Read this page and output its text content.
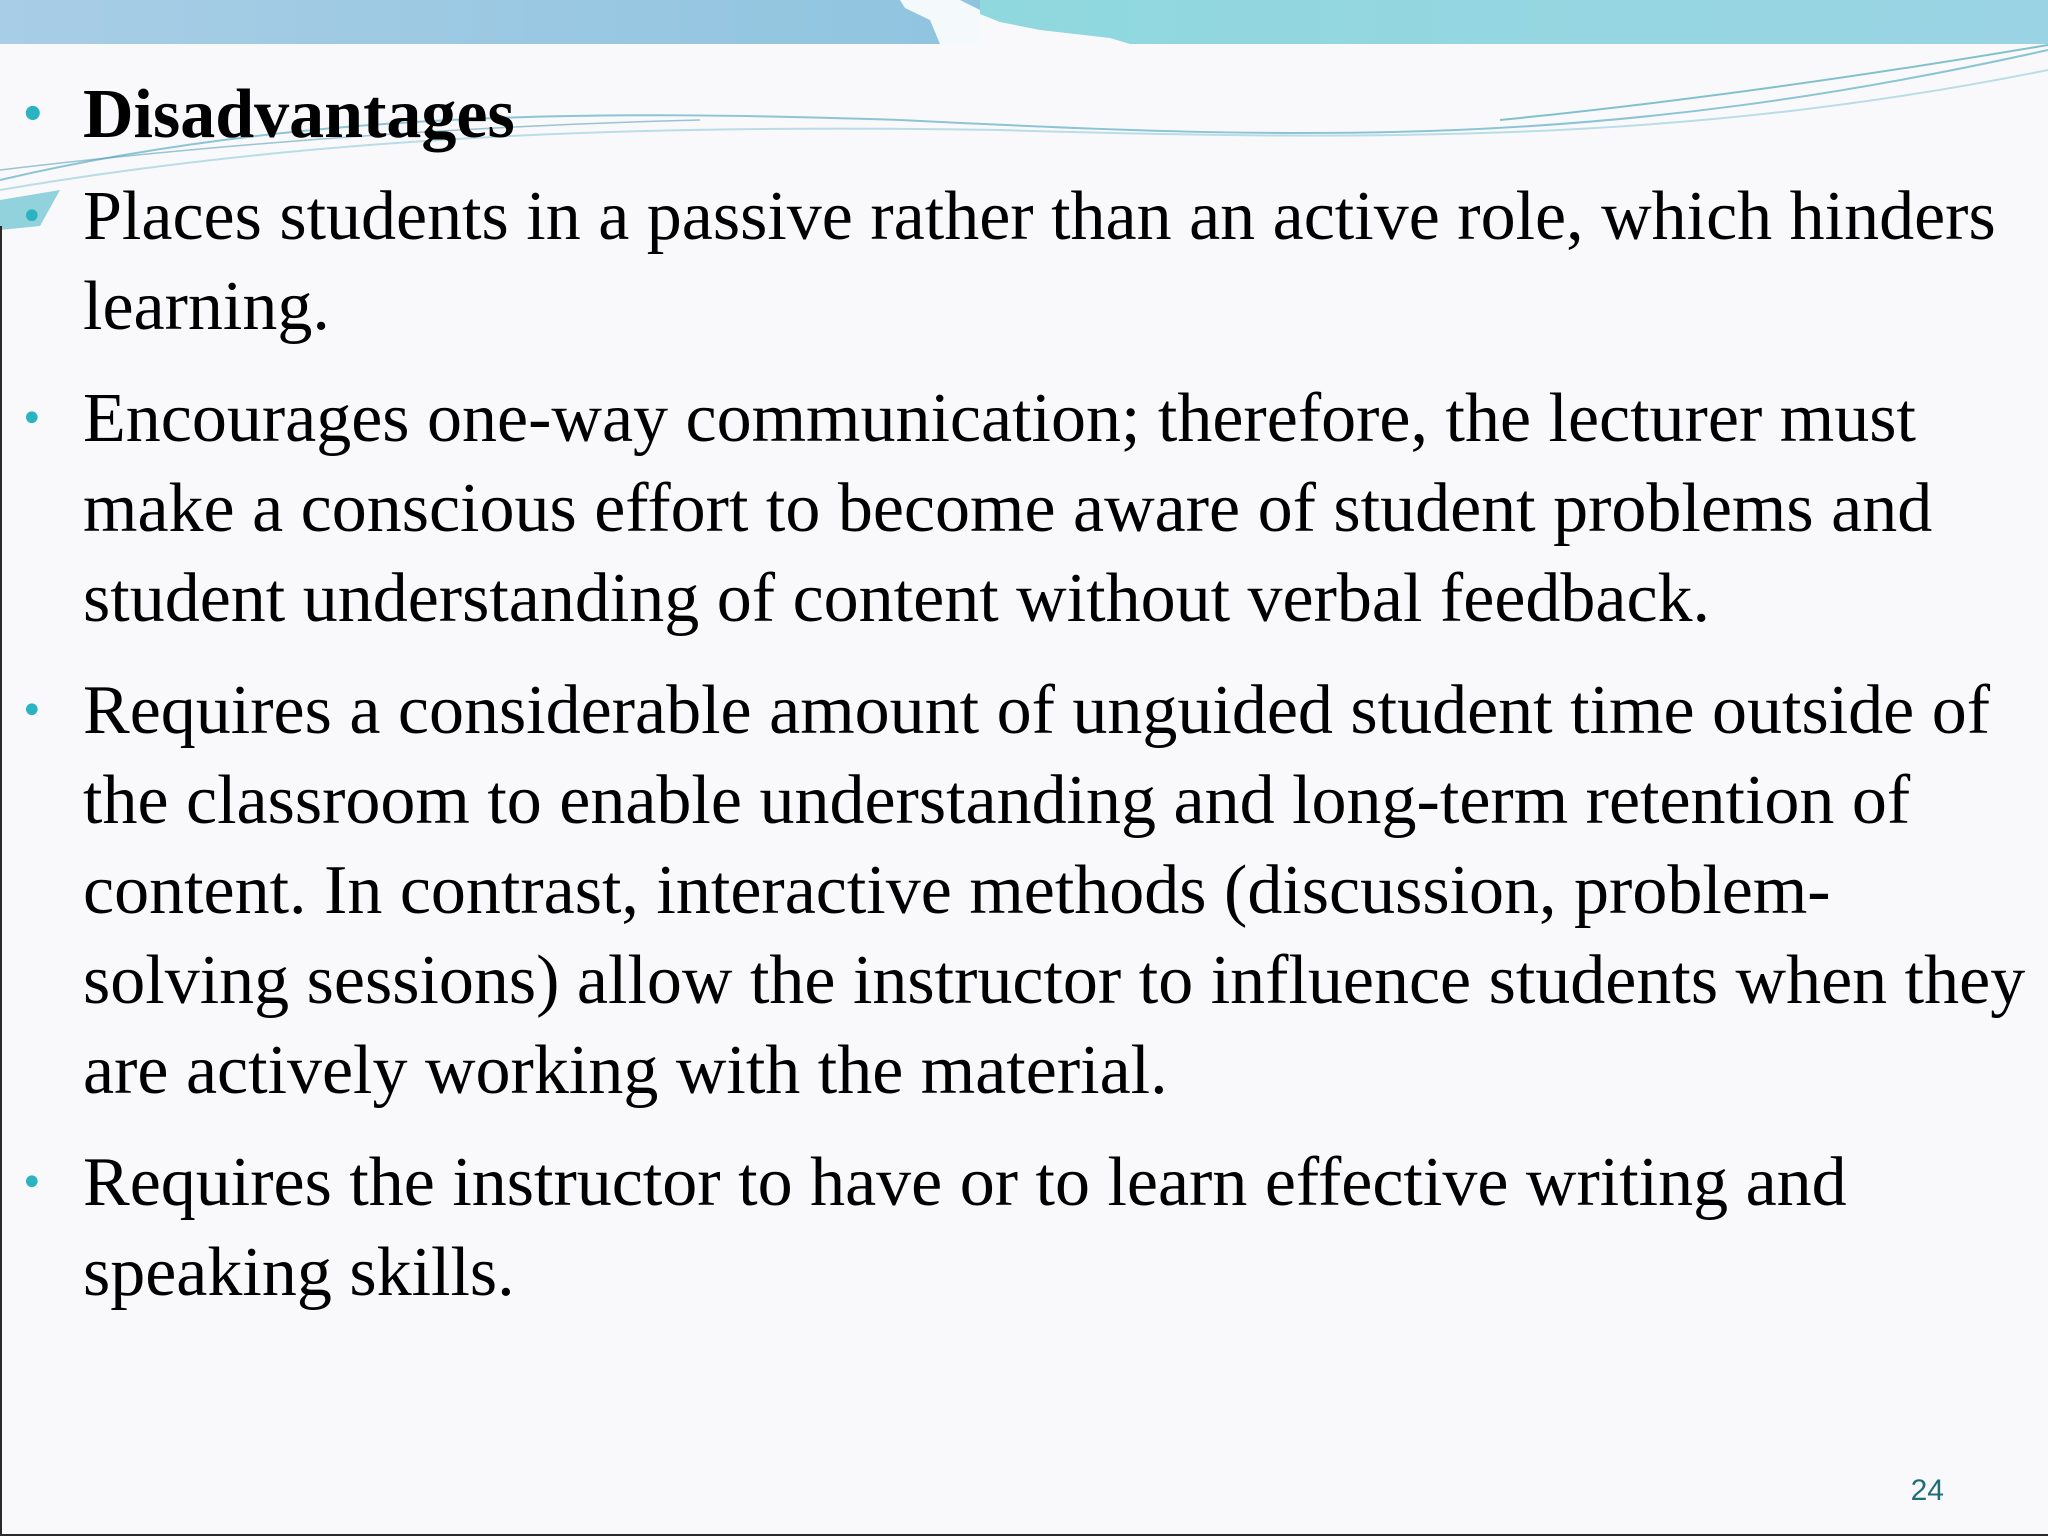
• Disadvantages
• Places students in a passive rather than an active role, which hinders learning.
• Encourages one-way communication; therefore, the lecturer must make a conscious effort to become aware of student problems and student understanding of content without verbal feedback.
• Requires a considerable amount of unguided student time outside of the classroom to enable understanding and long-term retention of content. In contrast, interactive methods (discussion, problem-solving sessions) allow the instructor to influence students when they are actively working with the material.
• Requires the instructor to have or to learn effective writing and speaking skills.
24
